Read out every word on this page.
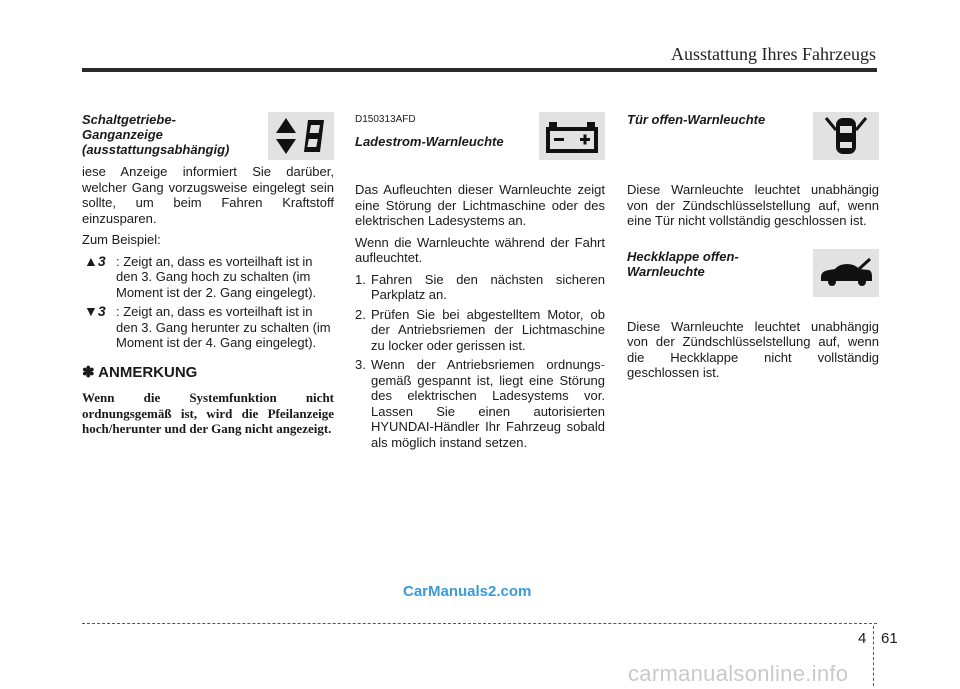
Ausstattung Ihres Fahrzeugs
Schaltgetriebe-
Ganganzeige
(ausstattungsabhängig)

iese Anzeige informiert Sie darüber, welcher Gang vorzugsweise eingelegt sein sollte, um beim Fahren Kraftstoff einzusparen.

Zum Beispiel:

▲3 : Zeigt an, dass es vorteilhaft ist in den 3. Gang hoch zu schalten (im Moment ist der 2. Gang eingelegt).
▼3 : Zeigt an, dass es vorteilhaft ist in den 3. Gang herunter zu schalten (im Moment ist der 4. Gang eingelegt).
✽ ANMERKUNG
Wenn die Systemfunktion nicht ordnungsgemäß ist, wird die Pfeilanzeige hoch/herunter und der Gang nicht angezeigt.
D150313AFD
Ladestrom-Warnleuchte

Das Aufleuchten dieser Warnleuchte zeigt eine Störung der Lichtmaschine oder des elektrischen Ladesystems an.

Wenn die Warnleuchte während der Fahrt aufleuchtet.

1. Fahren Sie den nächsten sicheren Parkplatz an.
2. Prüfen Sie bei abgestelltem Motor, ob der Antriebsriemen der Lichtmaschine zu locker oder gerissen ist.
3. Wenn der Antriebsriemen ordnungs-gemäß gespannt ist, liegt eine Störung des elektrischen Ladesystems vor. Lassen Sie einen autorisierten HYUNDAI-Händler Ihr Fahrzeug sobald als möglich instand setzen.
Tür offen-Warnleuchte

Diese Warnleuchte leuchtet unabhängig von der Zündschlüsselstellung auf, wenn eine Tür nicht vollständig geschlossen ist.

Heckklappe offen-
Warnleuchte

Diese Warnleuchte leuchtet unabhängig von der Zündschlüsselstellung auf, wenn die Heckklappe nicht vollständig geschlossen ist.

CarManuals2.com
4 61
carmanualsonline.info
